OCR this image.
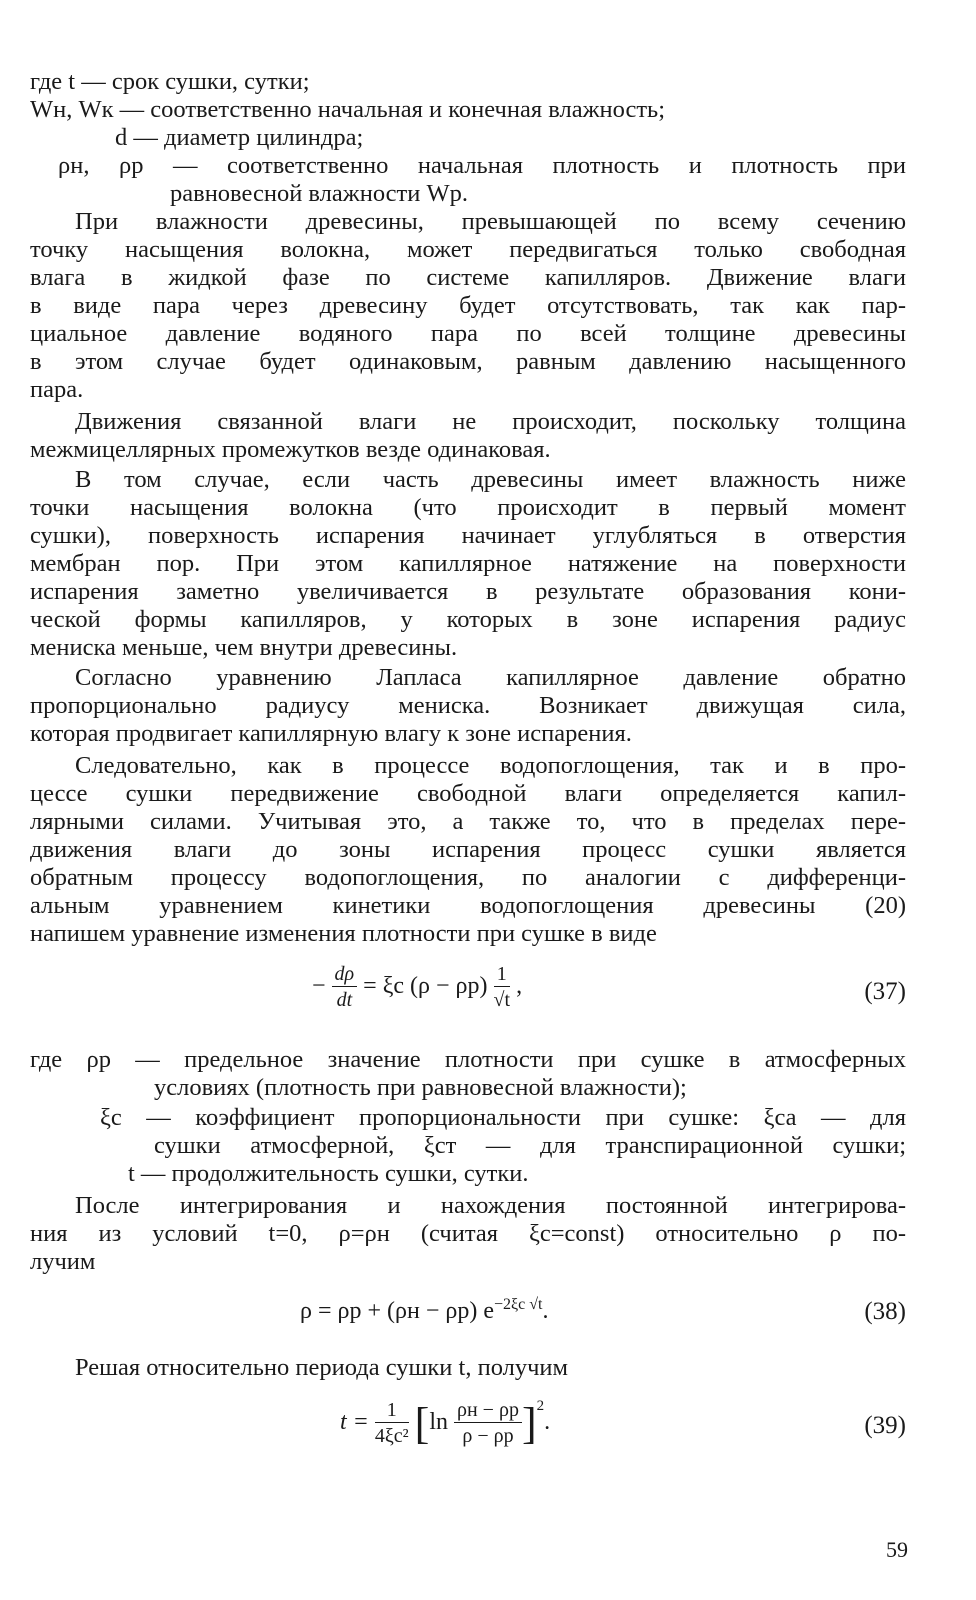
где t — срок сушки, сутки;
Wн, Wк — соответственно начальная и конечная влажность;
d — диаметр цилиндра;
ρн, ρр — соответственно начальная плотность и плотность при
равновесной влажности Wр.
При влажности древесины, превышающей по всему сечению
точку насыщения волокна, может передвигаться только свободная
влага в жидкой фазе по системе капилляров. Движение влаги
в виде пара через древесину будет отсутствовать, так как пар-
циальное давление водяного пара по всей толщине древесины
в этом случае будет одинаковым, равным давлению насыщенного
пара.
Движения связанной влаги не происходит, поскольку толщина
межмицеллярных промежутков везде одинаковая.
В том случае, если часть древесины имеет влажность ниже
точки насыщения волокна (что происходит в первый момент
сушки), поверхность испарения начинает углубляться в отверстия
мембран пор. При этом капиллярное натяжение на поверхности
испарения заметно увеличивается в результате образования кони-
ческой формы капилляров, у которых в зоне испарения радиус
мениска меньше, чем внутри древесины.
Согласно уравнению Лапласа капиллярное давление обратно
пропорционально радиусу мениска. Возникает движущая сила,
которая продвигает капиллярную влагу к зоне испарения.
Следовательно, как в процессе водопоглощения, так и в про-
цессе сушки передвижение свободной влаги определяется капил-
лярными силами. Учитывая это, а также то, что в пределах пере-
движения влаги до зоны испарения процесс сушки является
обратным процессу водопоглощения, по аналогии с дифференци-
альным уравнением кинетики водопоглощения древесины (20)
напишем уравнение изменения плотности при сушке в виде
− $\frac{d\rho}{dt} = \xi с$ $(\rho - \rho р) \frac{1}{√t}$ ,	(37)
где ρр — предельное значение плотности при сушке в атмосферных
условиях (плотность при равновесной влажности);
ξс — коэффициент пропорциональности при сушке: ξса — для
сушки атмосферной, ξст — для транспирационной сушки;
t — продолжительность сушки, сутки.
После интегрирования и нахождения постоянной интегрирова-
ния из условий t=0, ρ=ρн (считая ξс=const) относительно ρ по-
лучим
ρ = ρр + (ρн − ρр) $e^{-2\xi с √t}$.	(38)
Решая относительно периода сушки t, получим
$t = \frac{1}{\text{4ξс²}} [\ln \frac{\rho н - \rho р}{\rho - \rho р} ]^2$.	(39)
59
